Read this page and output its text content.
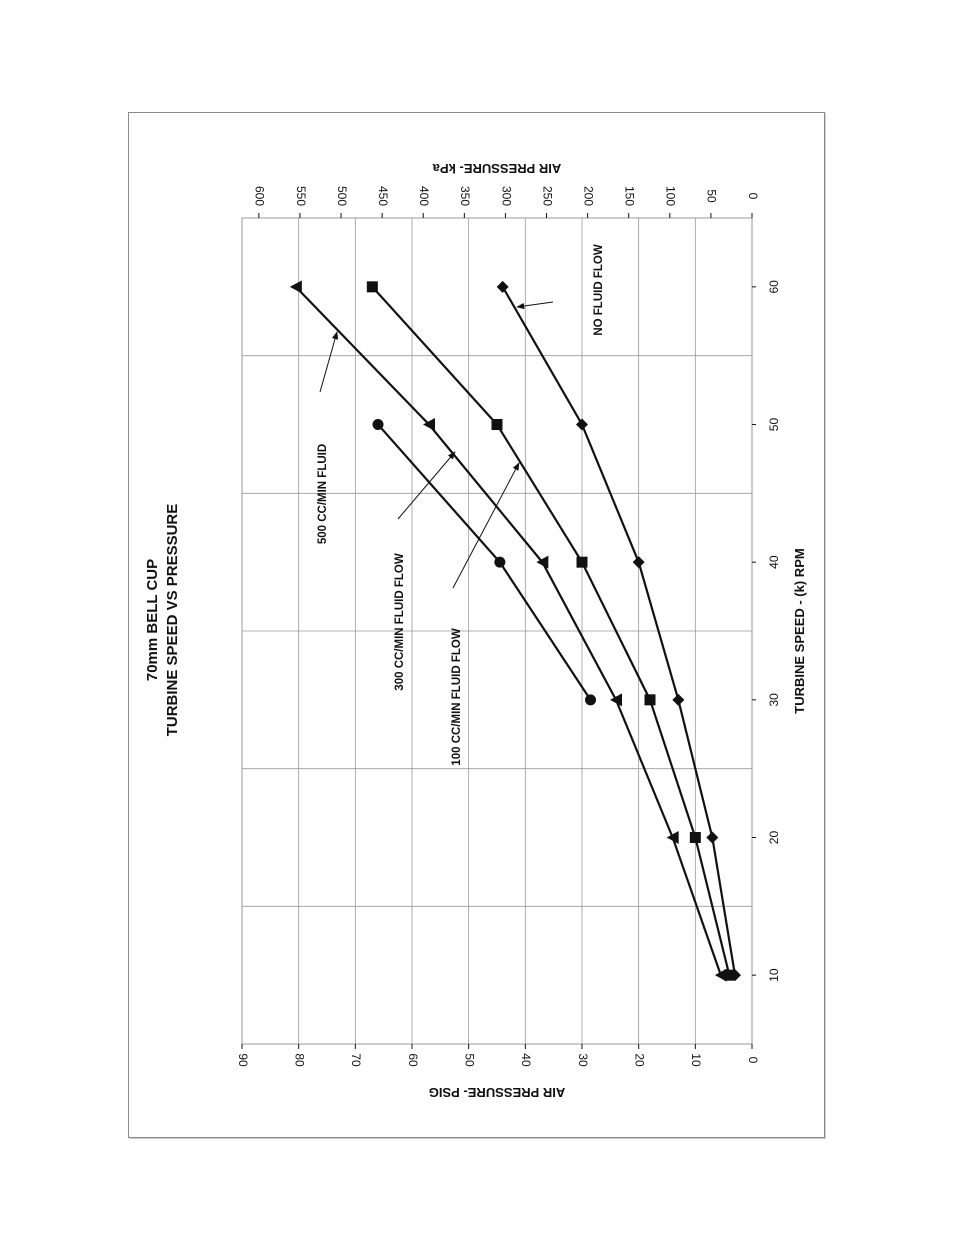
70mm BELL CUP TURBINE SPEED VS PRESSURE
10
20
30
40
50
60
0
10
20
30
40
50
60
70
80
90
0
50
100
150
200
250
300
350
400
450
500
550
600
NO FLUID FLOW
100 CC/MIN FLUID FLOW
300 CC/MIN FLUID FLOW
500 CC/MIN FLUID
AIR PRESSURE- PSIG
AIR PRESSURE- kPa
TURBINE SPEED - (k) RPM
